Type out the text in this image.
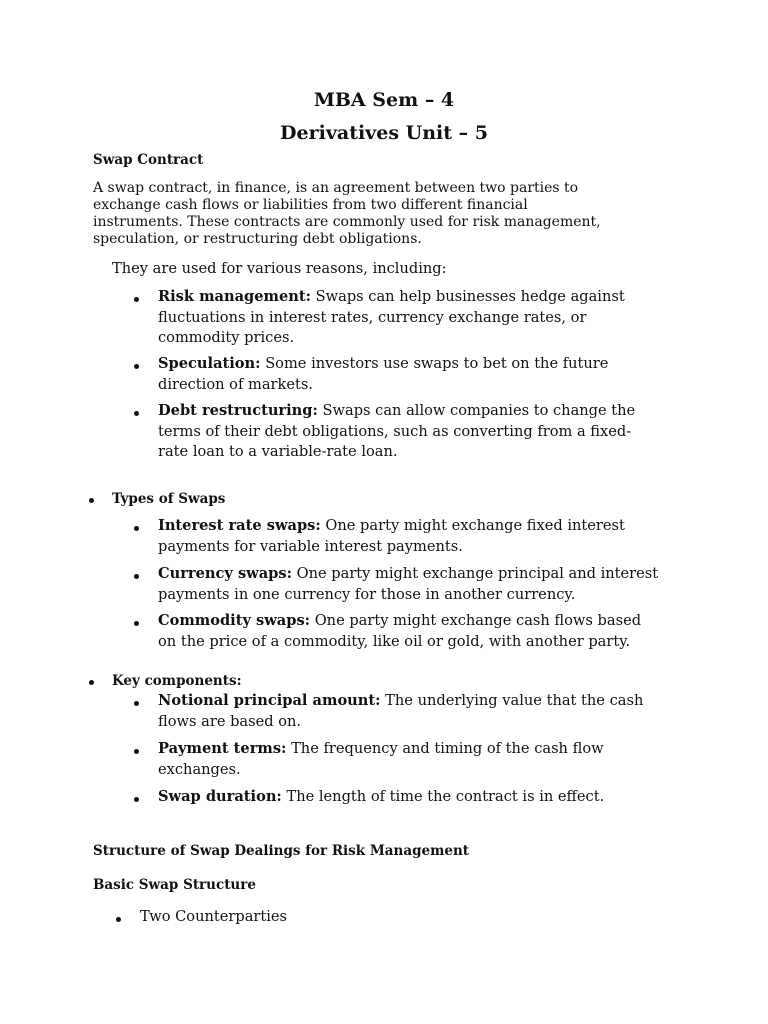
MBA Sem – 4
Derivatives Unit – 5
Swap Contract
A swap contract, in finance, is an agreement between two parties to
exchange cash flows or liabilities from two different financial
instruments. These contracts are commonly used for risk management,
speculation, or restructuring debt obligations.
They are used for various reasons, including:
Risk management: Swaps can help businesses hedge against
fluctuations in interest rates, currency exchange rates, or
commodity prices.
Speculation: Some investors use swaps to bet on the future
direction of markets.
Debt restructuring: Swaps can allow companies to change the
terms of their debt obligations, such as converting from a fixed-
rate loan to a variable-rate loan.
Types of Swaps
Interest rate swaps: One party might exchange fixed interest
payments for variable interest payments.
Currency swaps: One party might exchange principal and interest
payments in one currency for those in another currency.
Commodity swaps: One party might exchange cash flows based
on the price of a commodity, like oil or gold, with another party.
Key components:
Notional principal amount: The underlying value that the cash
flows are based on.
Payment terms: The frequency and timing of the cash flow
exchanges.
Swap duration: The length of time the contract is in effect.
Structure of Swap Dealings for Risk Management
Basic Swap Structure
Two Counterparties
